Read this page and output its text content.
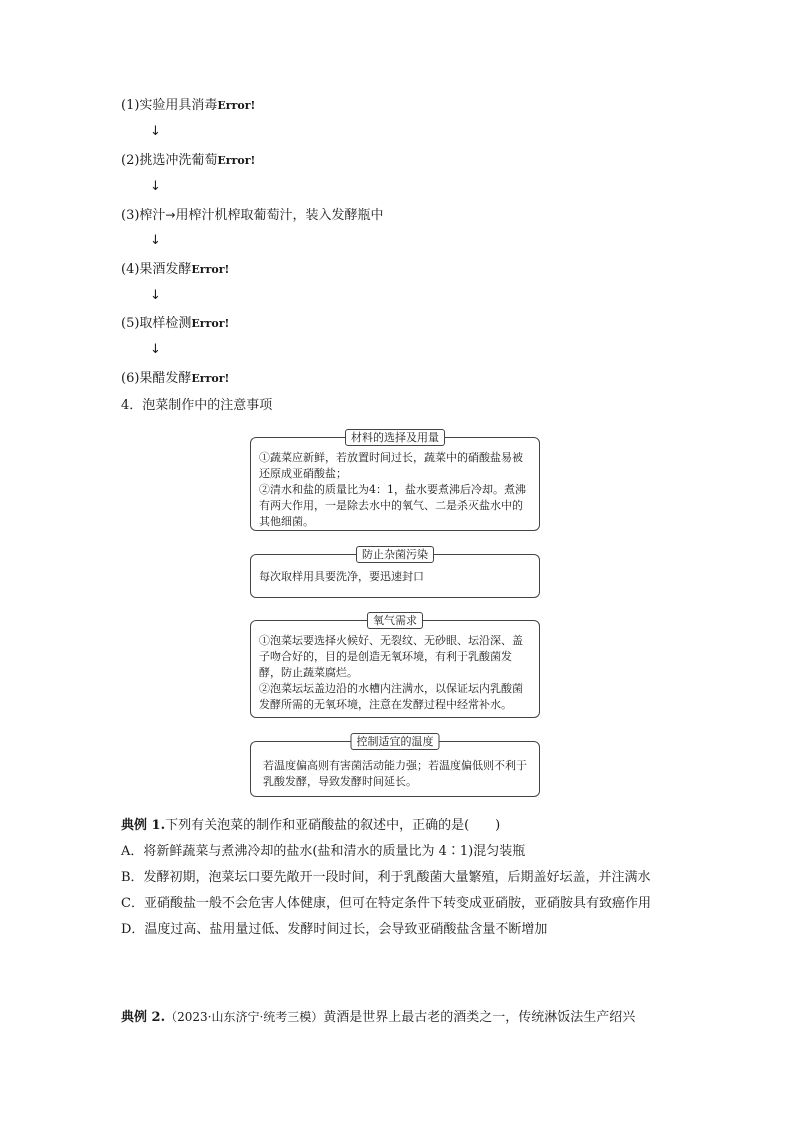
(1)实验用具消毒Error!
↓
(2)挑选冲洗葡萄Error!
↓
(3)榨汁→用榨汁机榨取葡萄汁，装入发酵瓶中
↓
(4)果酒发酵Error!
↓
(5)取样检测Error!
↓
(6)果醋发酵Error!
4．泡菜制作中的注意事项
材料的选择及用量

①蔬菜应新鲜，若放置时间过长，蔬菜中的硝酸盐易被还原成亚硝酸盐；

②清水和盐的质量比为4：1，盐水要煮沸后冷却。煮沸有两大作用，一是除去水中的氧气、二是杀灭盐水中的其他细菌。

防止杂菌污染

每次取样用具要洗净，要迅速封口

氧气需求

①泡菜坛要选择火候好、无裂纹、无砂眼、坛沿深、盖子吻合好的，目的是创造无氧环境，有利于乳酸菌发酵，防止蔬菜腐烂。

②泡菜坛坛盖边沿的水槽内注满水，以保证坛内乳酸菌发酵所需的无氧环境，注意在发酵过程中经常补水。

控制适宜的温度

若温度偏高则有害菌活动能力强；若温度偏低则不利于乳酸发酵，导致发酵时间延长。

典例 1.下列有关泡菜的制作和亚硝酸盐的叙述中，正确的是(　　)
A．将新鲜蔬菜与煮沸冷却的盐水(盐和清水的质量比为 4∶1)混匀装瓶
B．发酵初期，泡菜坛口要先敞开一段时间，利于乳酸菌大量繁殖，后期盖好坛盖，并注满水
C．亚硝酸盐一般不会危害人体健康，但可在特定条件下转变成亚硝胺，亚硝胺具有致癌作用
D．温度过高、盐用量过低、发酵时间过长，会导致亚硝酸盐含量不断增加
典例 2.（2023·山东济宁·统考三模）黄酒是世界上最古老的酒类之一，传统淋饭法生产绍兴
